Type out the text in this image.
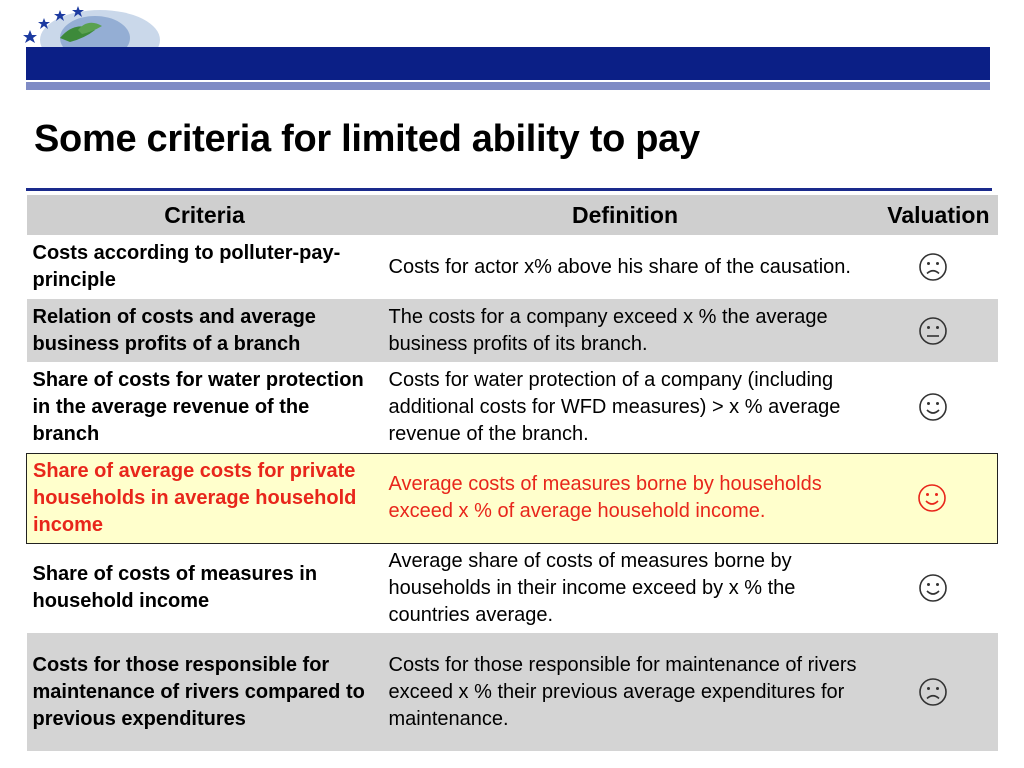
Some criteria for limited ability to pay
Criteria	Definition	Valuation
Costs according to polluter-pay-principle	Costs for actor x% above his share of the causation.	

Relation of costs and average business profits of a branch	The costs for a company exceed x % the average business profits of its branch.	

Share of costs for water protection in the average revenue of the branch	Costs for water protection of a company (including additional costs for WFD measures) > x % average revenue of the branch.	

Share of average costs for private households in average household income	Average costs of measures borne by households exceed x % of average household income.	

Share of costs of measures in household income	Average share of costs of measures borne by households in their income exceed by x % the countries average.	

Costs for those responsible for maintenance of rivers compared to previous expenditures	Costs for those responsible for maintenance of rivers exceed x % their previous average expenditures for maintenance.	
